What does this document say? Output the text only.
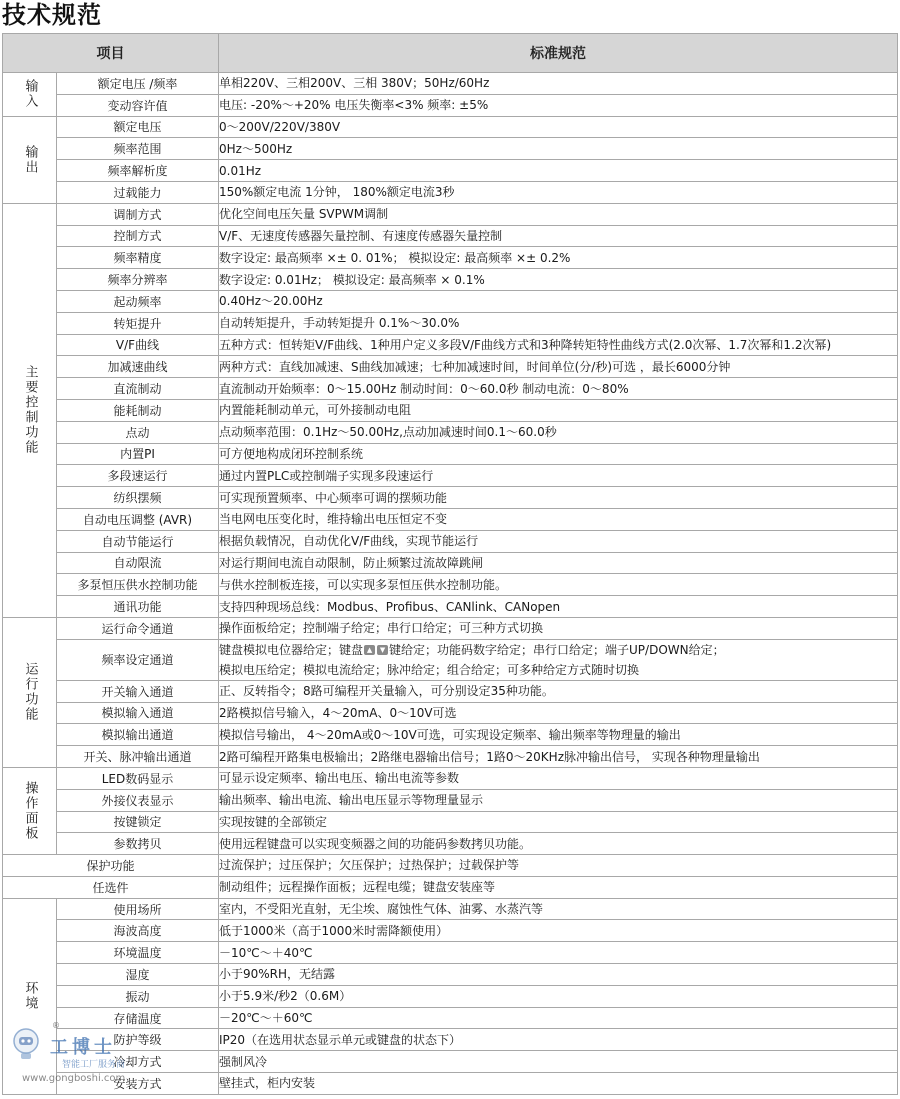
技术规范
项目		标准规范
输入	额定电压 /频率	单相220V、三相200V、三相 380V；50Hz/60Hz
	变动容许值	电压: -20%～+20% 电压失衡率<3% 频率: ±5%
输出	额定电压	0～200V/220V/380V
	频率范围	0Hz～500Hz
	频率解析度	0.01Hz
	过载能力	150%额定电流 1分钟， 180%额定电流3秒
主要控制功能	调制方式	优化空间电压矢量 SVPWM调制
	控制方式	V/F、无速度传感器矢量控制、有速度传感器矢量控制
	频率精度	数字设定: 最高频率 ×± 0. 01%； 模拟设定: 最高频率 ×± 0.2%
	频率分辨率	数字设定: 0.01Hz； 模拟设定: 最高频率 × 0.1%
	起动频率	0.40Hz～20.00Hz
	转矩提升	自动转矩提升，手动转矩提升 0.1%～30.0%
	V/F曲线	五种方式：恒转矩V/F曲线、1种用户定义多段V/F曲线方式和3种降转矩特性曲线方式(2.0次幂、1.7次幂和1.2次幂)
	加减速曲线	两种方式：直线加减速、S曲线加减速；七种加减速时间，时间单位(分/秒)可选 ，最长6000分钟
	直流制动	直流制动开始频率：0～15.00Hz 制动时间：0～60.0秒 制动电流：0～80%
	能耗制动	内置能耗制动单元，可外接制动电阻
	点动	点动频率范围：0.1Hz～50.00Hz,点动加减速时间0.1～60.0秒
	内置PI	可方便地构成闭环控制系统
	多段速运行	通过内置PLC或控制端子实现多段速运行
	纺织摆频	可实现预置频率、中心频率可调的摆频功能
	自动电压调整 (AVR)	当电网电压变化时，维持输出电压恒定不变
	自动节能运行	根据负载情况，自动优化V/F曲线，实现节能运行
	自动限流	对运行期间电流自动限制，防止频繁过流故障跳闸
	多泵恒压供水控制功能	与供水控制板连接，可以实现多泵恒压供水控制功能。
	通讯功能	支持四种现场总线：Modbus、Profibus、CANlink、CANopen
运行功能	运行命令通道	操作面板给定；控制端子给定；串行口给定；可三种方式切换
	频率设定通道	键盘模拟电位器给定；键盘 ▲ ▼ 键给定；功能码数字给定；串行口给定；端子UP/DOWN给定；
模拟电压给定；模拟电流给定；脉冲给定；组合给定；可多种给定方式随时切换

	开关输入通道	正、反转指令；8路可编程开关量输入，可分别设定35种功能。
	模拟输入通道	2路模拟信号输入，4～20mA、0～10V可选
	模拟输出通道	模拟信号输出， 4～20mA或0～10V可选，可实现设定频率、输出频率等物理量的输出
	开关、脉冲输出通道	2路可编程开路集电极输出；2路继电器输出信号；1路0～20KHz脉冲输出信号， 实现各种物理量输出
操作面板	LED数码显示	可显示设定频率、输出电压、输出电流等参数
	外接仪表显示	输出频率、输出电流、输出电压显示等物理量显示
	按键锁定	实现按键的全部锁定
	参数拷贝	使用远程键盘可以实现变频器之间的功能码参数拷贝功能。
保护功能		过流保护；过压保护；欠压保护；过热保护；过载保护等
任选件		制动组件；远程操作面板；远程电缆；键盘安装座等
环境	使用场所	室内，不受阳光直射，无尘埃、腐蚀性气体、油雾、水蒸汽等
	海波高度	低于1000米（高于1000米时需降额使用）
	环境温度	－10℃～＋40℃
	湿度	小于90%RH，无结露
	振动	小于5.9米/秒2（0.6M）
	存储温度	－20℃～＋60℃
	防护等级	IP20（在选用状态显示单元或键盘的状态下）
	冷却方式	强制风冷
	安装方式	壁挂式，柜内安装
工博士
智能工厂服务商
www.gongboshi.com
®
